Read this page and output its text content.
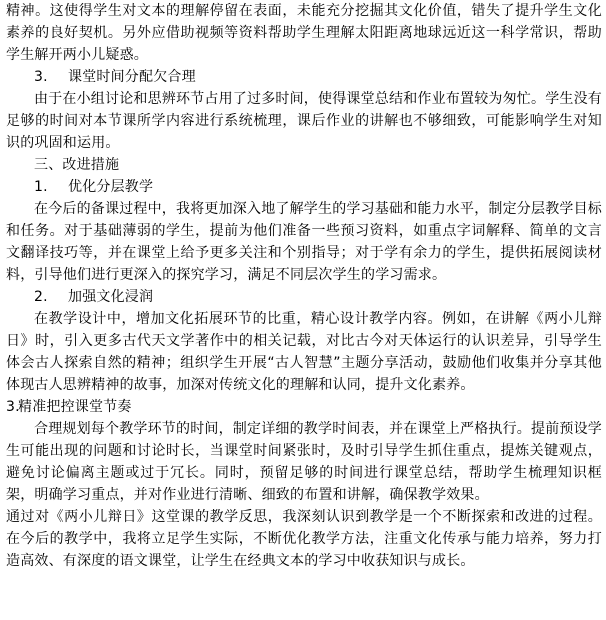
精神。这使得学生对文本的理解停留在表面，未能充分挖掘其文化价值，错失了提升学生文化素养的良好契机。另外应借助视频等资料帮助学生理解太阳距离地球远近这一科学常识，帮助学生解开两小儿疑惑。

3. 课堂时间分配欠合理

由于在小组讨论和思辨环节占用了过多时间，使得课堂总结和作业布置较为匆忙。学生没有足够的时间对本节课所学内容进行系统梳理，课后作业的讲解也不够细致，可能影响学生对知识的巩固和运用。

三、改进措施

1. 优化分层教学

在今后的备课过程中，我将更加深入地了解学生的学习基础和能力水平，制定分层教学目标和任务。对于基础薄弱的学生，提前为他们准备一些预习资料，如重点字词解释、简单的文言文翻译技巧等，并在课堂上给予更多关注和个别指导；对于学有余力的学生，提供拓展阅读材料，引导他们进行更深入的探究学习，满足不同层次学生的学习需求。

2. 加强文化浸润

在教学设计中，增加文化拓展环节的比重，精心设计教学内容。例如，在讲解《两小儿辩日》时，引入更多古代天文学著作中的相关记载，对比古今对天体运行的认识差异，引导学生体会古人探索自然的精神；组织学生开展“古人智慧”主题分享活动，鼓励他们收集并分享其他体现古人思辨精神的故事，加深对传统文化的理解和认同，提升文化素养。

3.精准把控课堂节奏

合理规划每个教学环节的时间，制定详细的教学时间表，并在课堂上严格执行。提前预设学生可能出现的问题和讨论时长，当课堂时间紧张时，及时引导学生抓住重点，提炼关键观点，避免讨论偏离主题或过于冗长。同时，预留足够的时间进行课堂总结，帮助学生梳理知识框架，明确学习重点，并对作业进行清晰、细致的布置和讲解，确保教学效果。

通过对《两小儿辩日》这堂课的教学反思，我深刻认识到教学是一个不断探索和改进的过程。在今后的教学中，我将立足学生实际，不断优化教学方法，注重文化传承与能力培养，努力打造高效、有深度的语文课堂，让学生在经典文本的学习中收获知识与成长。
